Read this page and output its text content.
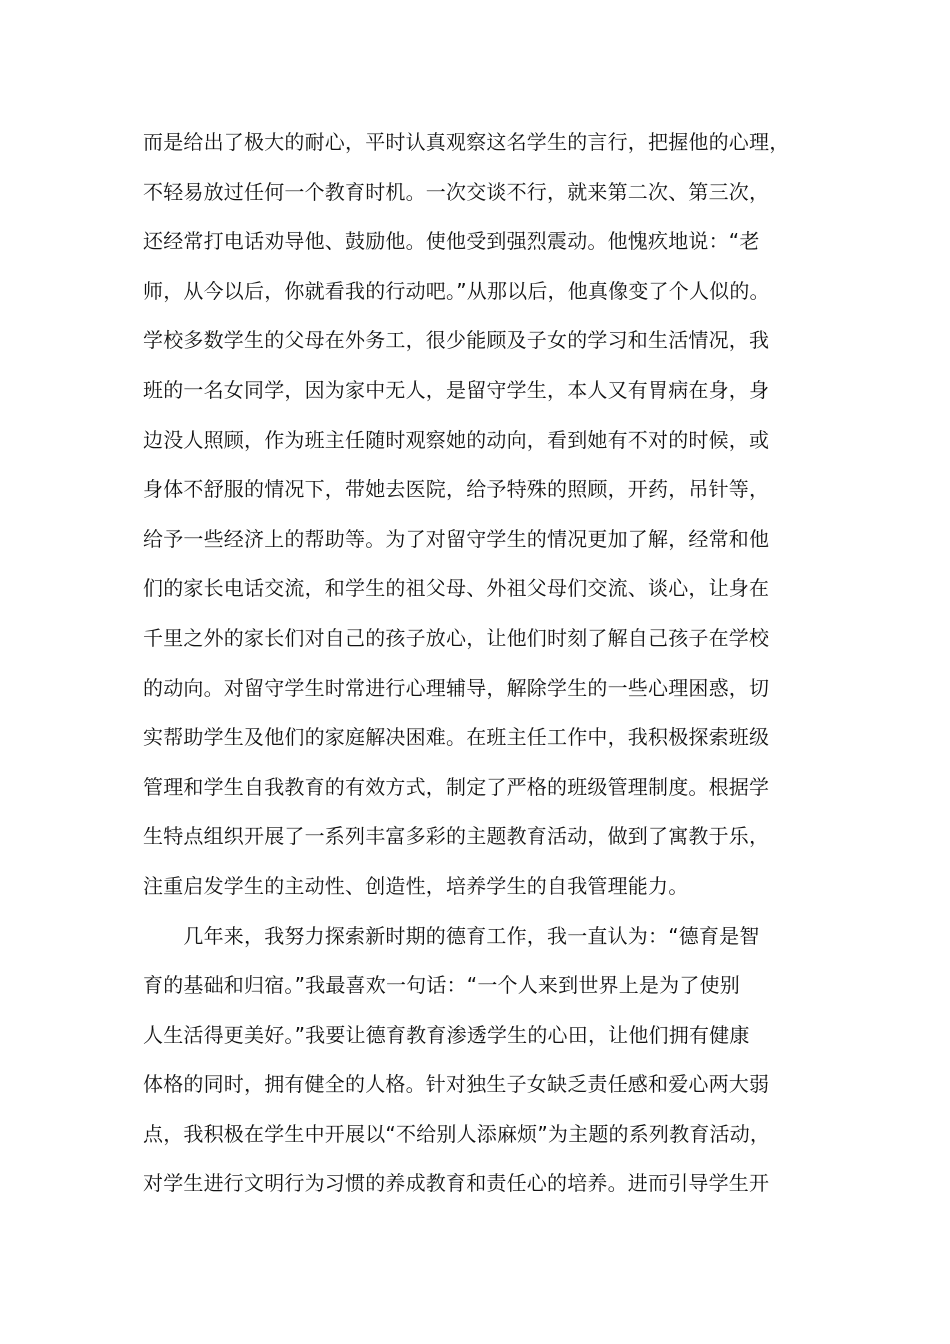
而是给出了极大的耐心，平时认真观察这名学生的言行，把握他的心理，
不轻易放过任何一个教育时机。一次交谈不行，就来第二次、第三次，
还经常打电话劝导他、鼓励他。使他受到强烈震动。他愧疚地说：“老
师，从今以后，你就看我的行动吧。”从那以后，他真像变了个人似的。
学校多数学生的父母在外务工，很少能顾及子女的学习和生活情况，我
班的一名女同学，因为家中无人，是留守学生，本人又有胃病在身，身
边没人照顾，作为班主任随时观察她的动向，看到她有不对的时候，或
身体不舒服的情况下，带她去医院，给予特殊的照顾，开药，吊针等，
给予一些经济上的帮助等。为了对留守学生的情况更加了解，经常和他
们的家长电话交流，和学生的祖父母、外祖父母们交流、谈心，让身在
千里之外的家长们对自己的孩子放心，让他们时刻了解自己孩子在学校
的动向。对留守学生时常进行心理辅导，解除学生的一些心理困惑，切
实帮助学生及他们的家庭解决困难。在班主任工作中，我积极探索班级
管理和学生自我教育的有效方式，制定了严格的班级管理制度。根据学
生特点组织开展了一系列丰富多彩的主题教育活动，做到了寓教于乐，
注重启发学生的主动性、创造性，培养学生的自我管理能力。
　　几年来，我努力探索新时期的德育工作，我一直认为：“德育是智
育的基础和归宿。”我最喜欢一句话：“一个人来到世界上是为了使别
人生活得更美好。”我要让德育教育渗透学生的心田，让他们拥有健康
体格的同时，拥有健全的人格。针对独生子女缺乏责任感和爱心两大弱
点，我积极在学生中开展以“不给别人添麻烦”为主题的系列教育活动，
对学生进行文明行为习惯的养成教育和责任心的培养。进而引导学生开
